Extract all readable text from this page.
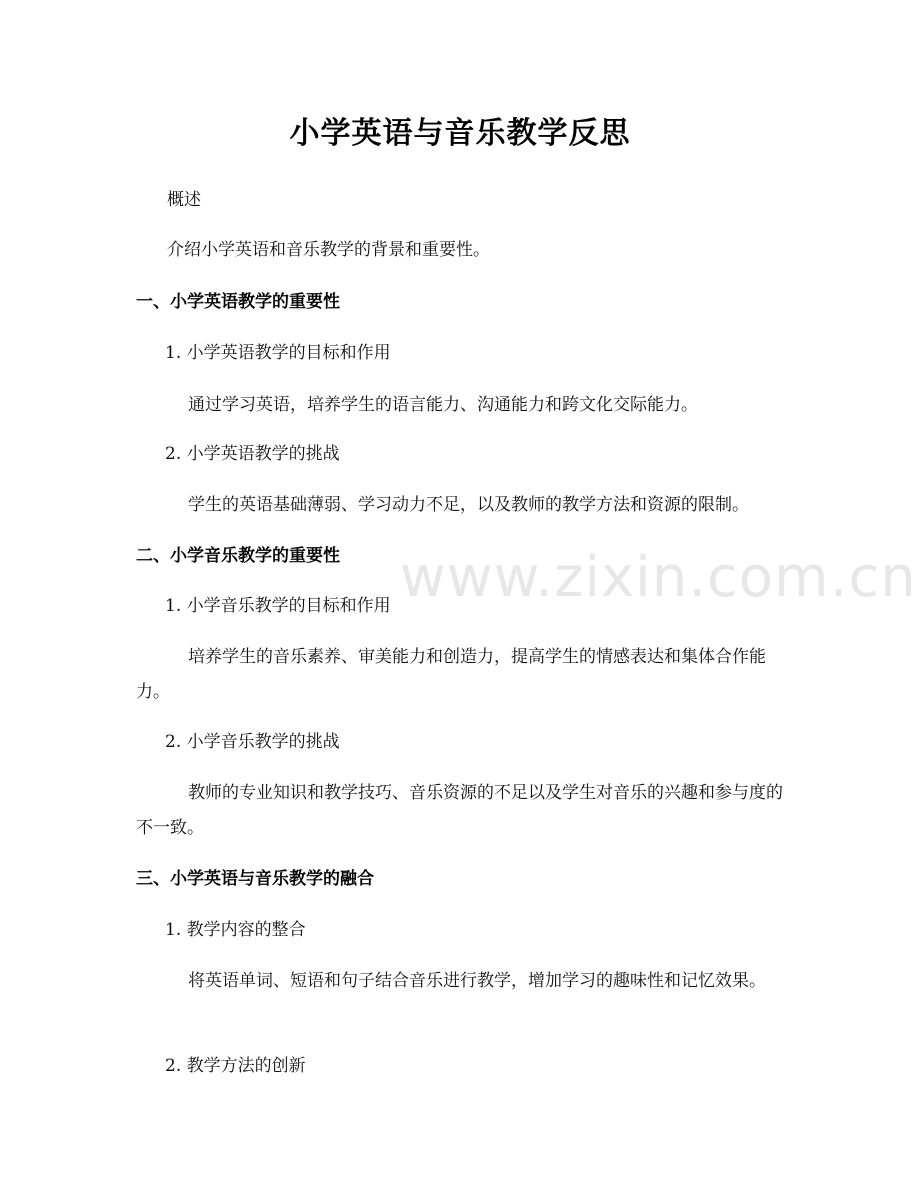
小学英语与音乐教学反思
概述
介绍小学英语和音乐教学的背景和重要性。
一、小学英语教学的重要性
1. 小学英语教学的目标和作用
通过学习英语，培养学生的语言能力、沟通能力和跨文化交际能力。
2. 小学英语教学的挑战
学生的英语基础薄弱、学习动力不足，以及教师的教学方法和资源的限制。
二、小学音乐教学的重要性
1. 小学音乐教学的目标和作用
培养学生的音乐素养、审美能力和创造力，提高学生的情感表达和集体合作能力。
2. 小学音乐教学的挑战
教师的专业知识和教学技巧、音乐资源的不足以及学生对音乐的兴趣和参与度的不一致。
三、小学英语与音乐教学的融合
1. 教学内容的整合
将英语单词、短语和句子结合音乐进行教学，增加学习的趣味性和记忆效果。
2. 教学方法的创新
www.zixin.com.cn
